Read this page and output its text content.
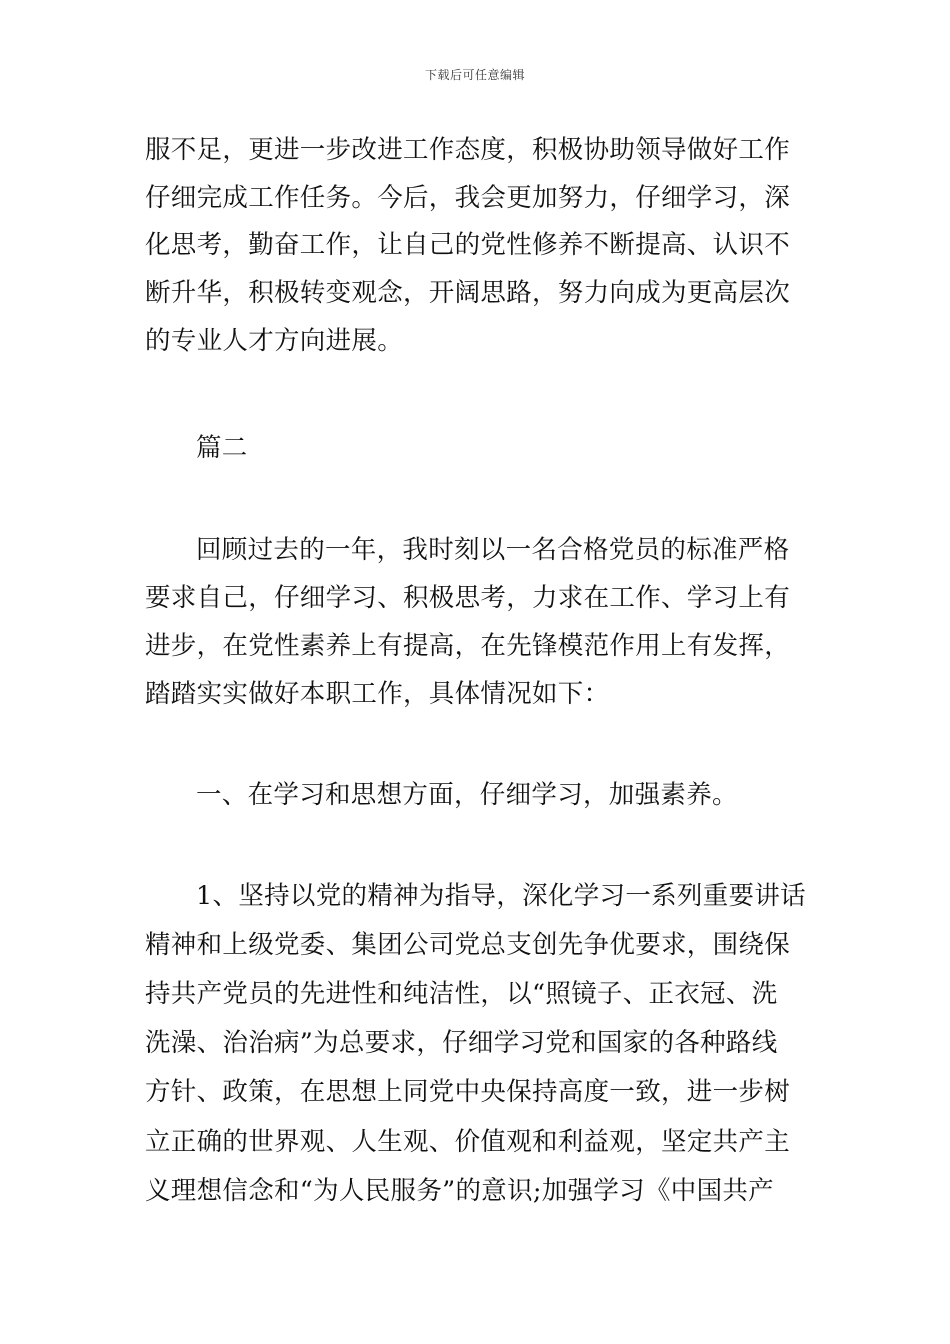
下载后可任意编辑
服不足，更进一步改进工作态度，积极协助领导做好工作
仔细完成工作任务。今后，我会更加努力，仔细学习，深
化思考，勤奋工作，让自己的党性修养不断提高、认识不
断升华，积极转变观念，开阔思路，努力向成为更高层次
的专业人才方向进展。
篇二
回顾过去的一年，我时刻以一名合格党员的标准严格
要求自己，仔细学习、积极思考，力求在工作、学习上有
进步，在党性素养上有提高，在先锋模范作用上有发挥，
踏踏实实做好本职工作，具体情况如下：
一、在学习和思想方面，仔细学习，加强素养。
1、坚持以党的精神为指导，深化学习一系列重要讲话
精神和上级党委、集团公司党总支创先争优要求，围绕保
持共产党员的先进性和纯洁性，以“照镜子、正衣冠、洗
洗澡、治治病”为总要求，仔细学习党和国家的各种路线
方针、政策，在思想上同党中央保持高度一致，进一步树
立正确的世界观、人生观、价值观和利益观，坚定共产主
义理想信念和“为人民服务”的意识;加强学习《中国共产
